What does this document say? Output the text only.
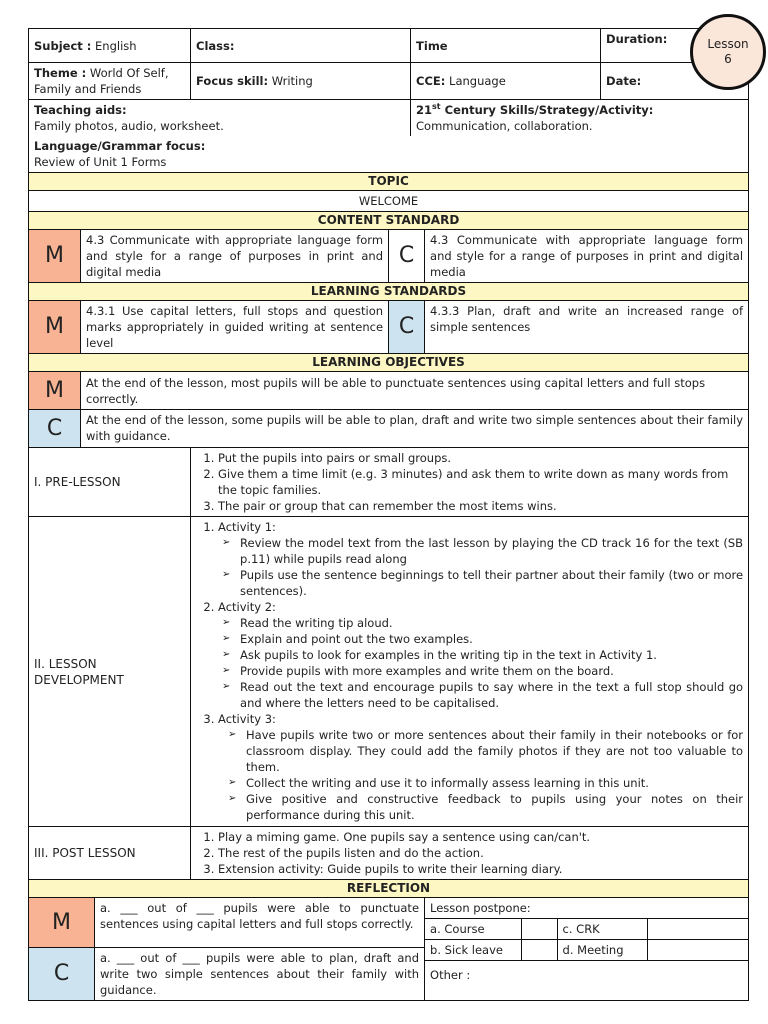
Subject : English	Class:	Time	Duration:
Theme : World Of Self, Family and Friends	Focus skill: Writing	CCE: Language	Date:

Teaching aids:
Family photos, audio, worksheet.

21st Century Skills/Strategy/Activity:
Communication, collaboration.

Language/Grammar focus:
Review of Unit 1 Forms

TOPIC
WELCOME
CONTENT STANDARD
M	4.3 Communicate with appropriate language form and style for a range of purposes in print and digital media	C	4.3 Communicate with appropriate language form and style for a range of purposes in print and digital media
LEARNING STANDARDS
M	4.3.1 Use capital letters, full stops and question marks appropriately in guided writing at sentence level	C	4.3.3 Plan, draft and write an increased range of simple sentences
LEARNING OBJECTIVES
M	At the end of the lesson, most pupils will be able to punctuate sentences using capital letters and full stops correctly.
C	At the end of the lesson, some pupils will be able to plan, draft and write two simple sentences about their family with guidance.
I. PRE-LESSON	
1. Put the pupils into pairs or small groups.
2. Give them a time limit (e.g. 3 minutes) and ask them to write down as many words from the topic families.
3. The pair or group that can remember the most items wins.

II. LESSON DEVELOPMENT	
1. Activity 1:
➢ Review the model text from the last lesson by playing the CD track 16 for the text (SB p.11) while pupils read along
➢ Pupils use the sentence beginnings to tell their partner about their family (two or more sentences).
2. Activity 2:
➢ Read the writing tip aloud.
➢ Explain and point out the two examples.
➢ Ask pupils to look for examples in the writing tip in the text in Activity 1.
➢ Provide pupils with more examples and write them on the board.
➢ Read out the text and encourage pupils to say where in the text a full stop should go and where the letters need to be capitalised.
3. Activity 3:
➢ Have pupils write two or more sentences about their family in their notebooks or for classroom display. They could add the family photos if they are not too valuable to them.
➢ Collect the writing and use it to informally assess learning in this unit.
➢ Give positive and constructive feedback to pupils using your notes on their performance during this unit.

III. POST LESSON	
1. Play a miming game. One pupils say a sentence using can/can't.
2. The rest of the pupils listen and do the action.
3. Extension activity: Guide pupils to write their learning diary.

REFLECTION
M	a. ___ out of ___ pupils were able to punctuate sentences using capital letters and full stops correctly.	
Lesson postpone:
a. Course		c. CRK	
b. Sick leave		d. Meeting	
Other :

C	a. ___ out of ___ pupils were able to plan, draft and write two simple sentences about their family with guidance.
Lesson
6
